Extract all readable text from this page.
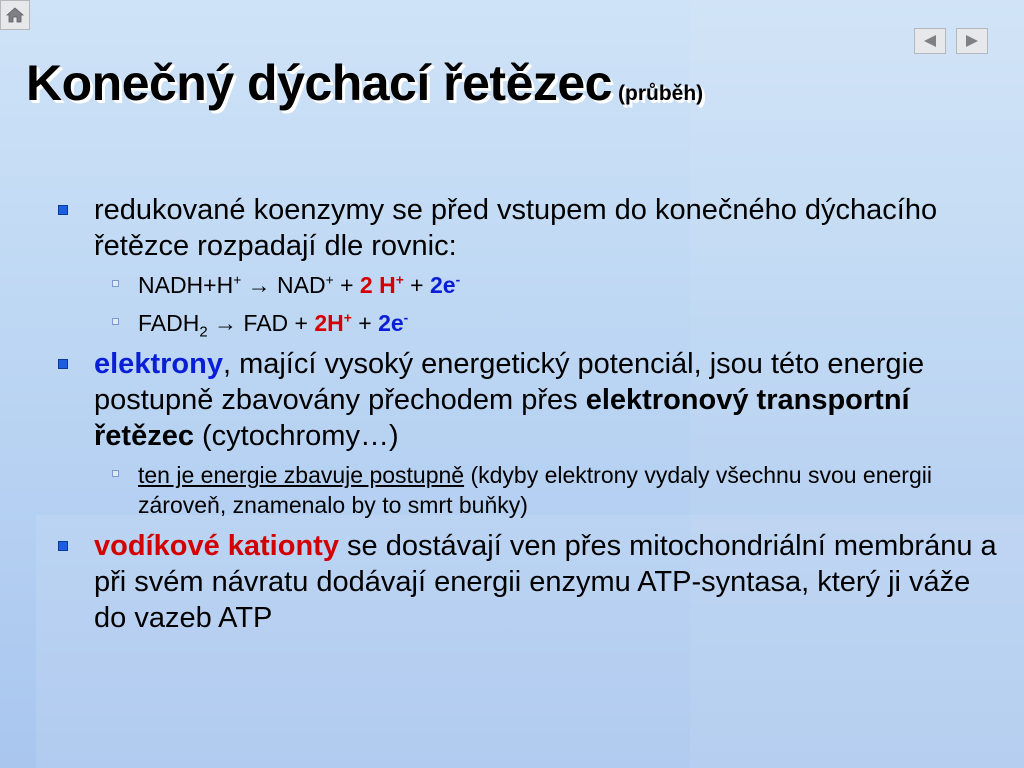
Konečný dýchací řetězec (průběh)
redukované koenzymy se před vstupem do konečného dýchacího řetězce rozpadají dle rovnic:
NADH+H+ → NAD+ + 2 H+ + 2e-
$FADH_2$ → FAD + 2H+ + 2e-
elektrony, mající vysoký energetický potenciál, jsou této energie postupně zbavovány přechodem přes elektronový transportní řetězec (cytochromy…)
ten je energie zbavuje postupně (kdyby elektrony vydaly všechnu svou energii zároveň, znamenalo by to smrt buňky)
vodíkové kationty se dostávají ven přes mitochondriální membránu a při svém návratu dodávají energii enzymu ATP-syntasa, který ji váže do vazeb ATP
